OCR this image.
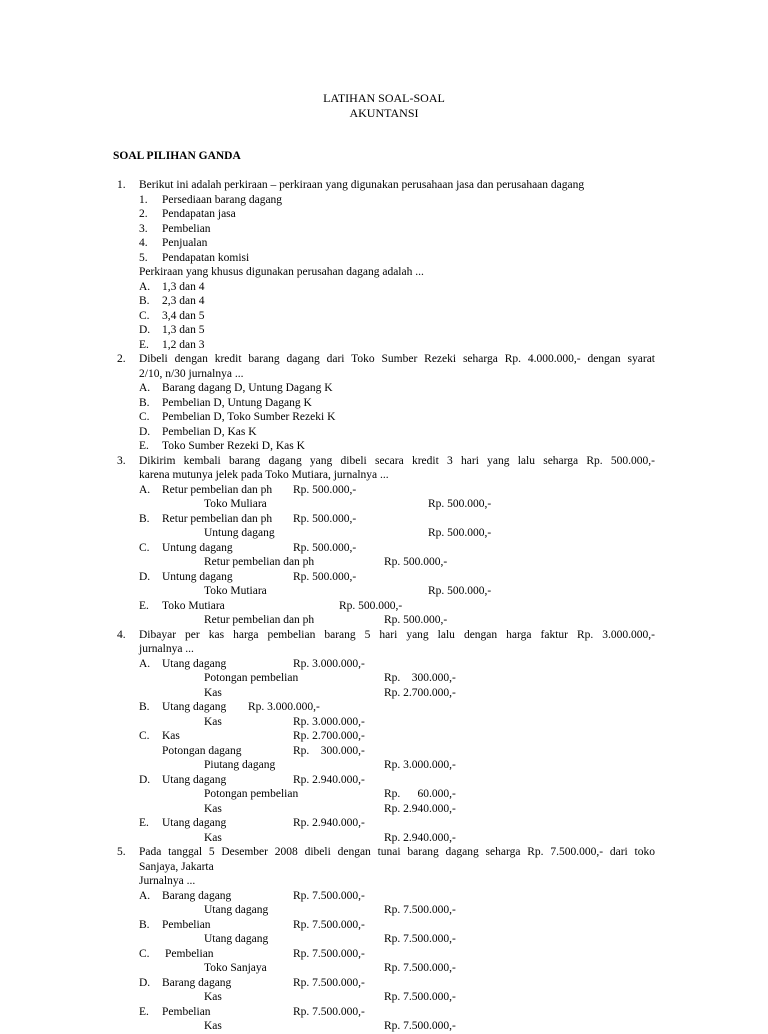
LATIHAN SOAL-SOAL
AKUNTANSI
SOAL PILIHAN GANDA
1. Berikut ini adalah perkiraan – perkiraan yang digunakan perusahaan jasa dan perusahaan dagang
1. Persediaan barang dagang
2. Pendapatan jasa
3. Pembelian
4. Penjualan
5. Pendapatan komisi
Perkiraan yang khusus digunakan perusahan dagang adalah ...
A. 1,3 dan 4
B. 2,3 dan 4
C. 3,4 dan 5
D. 1,3 dan 5
E. 1,2 dan 3
2. Dibeli dengan kredit barang dagang dari Toko Sumber Rezeki seharga Rp. 4.000.000,- dengan syarat
2/10, n/30 jurnalnya ...
A. Barang dagang D, Untung Dagang K
B. Pembelian D, Untung Dagang K
C. Pembelian D, Toko Sumber Rezeki K
D. Pembelian D, Kas K
E. Toko Sumber Rezeki D, Kas K
3. Dikirim kembali barang dagang yang dibeli secara kredit 3 hari yang lalu seharga Rp. 500.000,-
karena mutunya jelek pada Toko Mutiara, jurnalnya ...
A. Retur pembelian dan ph Rp. 500.000,-
Toko Muliara	Rp. 500.000,-
B. Retur pembelian dan ph Rp. 500.000,-
Untung dagang	Rp. 500.000,-
C. Untung dagang	Rp. 500.000,-
Retur pembelian dan ph	Rp. 500.000,-
D. Untung dagang	Rp. 500.000,-
Toko Mutiara	Rp. 500.000,-
E. Toko Mutiara	Rp. 500.000,-
Retur pembelian dan ph	Rp. 500.000,-
4. Dibayar per kas harga pembelian barang 5 hari yang lalu dengan harga faktur Rp. 3.000.000,-
jurnalnya ...
A. Utang dagang	Rp. 3.000.000,-
Potongan pembelian	Rp.    300.000,-
Kas	Rp. 2.700.000,-
B. Utang dagang Rp. 3.000.000,-
Kas	Rp. 3.000.000,-
C. Kas	Rp. 2.700.000,-
Potongan dagang	Rp.    300.000,-
Piutang dagang	Rp. 3.000.000,-
D. Utang dagang	Rp. 2.940.000,-
Potongan pembelian	Rp.      60.000,-
Kas	Rp. 2.940.000,-
E. Utang dagang	Rp. 2.940.000,-
Kas	Rp. 2.940.000,-
5. Pada tanggal 5 Desember 2008 dibeli dengan tunai barang dagang seharga Rp. 7.500.000,- dari toko
Sanjaya, Jakarta
Jurnalnya ...
A. Barang dagang	Rp. 7.500.000,-
Utang dagang	Rp. 7.500.000,-
B. Pembelian	Rp. 7.500.000,-
Utang dagang	Rp. 7.500.000,-
C. Pembelian	Rp. 7.500.000,-
Toko Sanjaya	Rp. 7.500.000,-
D. Barang dagang	Rp. 7.500.000,-
Kas	Rp. 7.500.000,-
E. Pembelian	Rp. 7.500.000,-
Kas	Rp. 7.500.000,-
